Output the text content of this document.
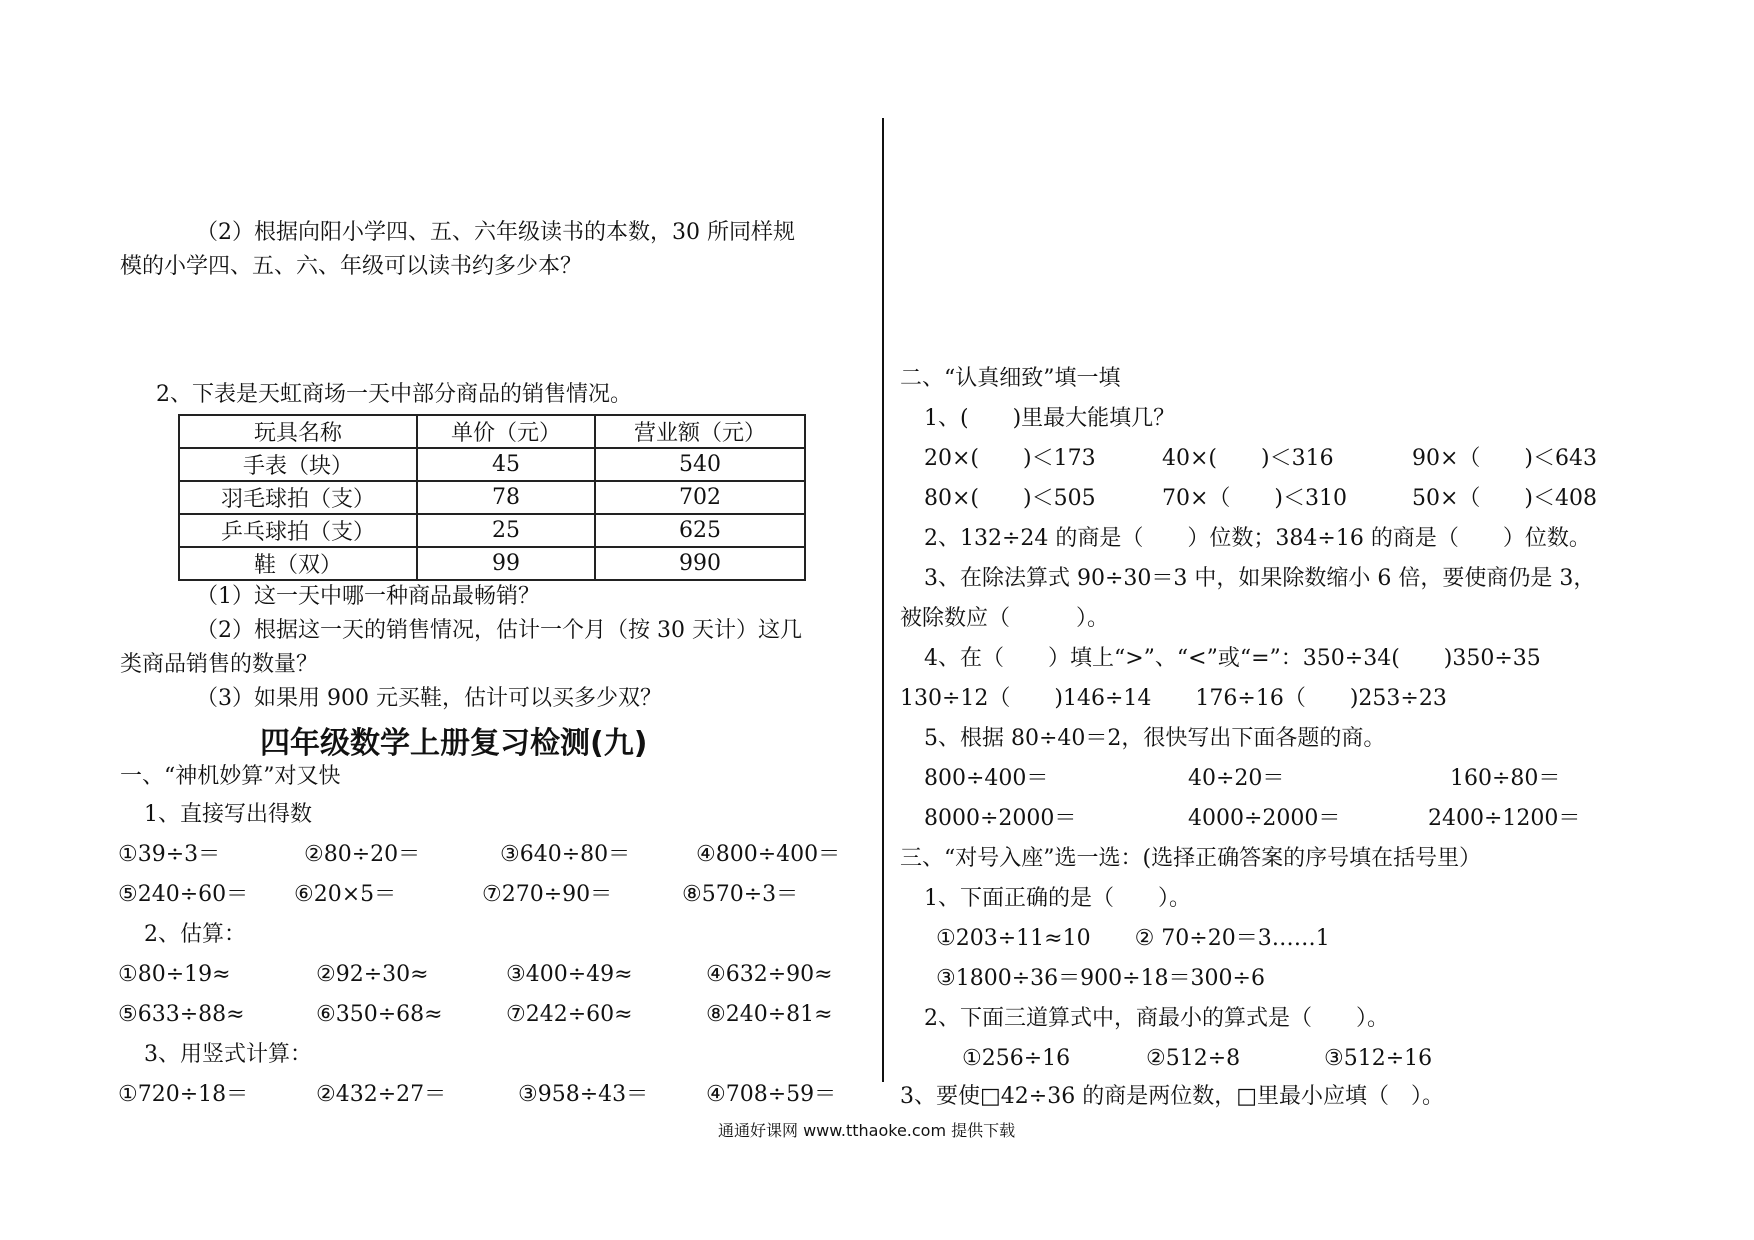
（2）根据向阳小学四、五、六年级读书的本数，30 所同样规
模的小学四、五、六、年级可以读书约多少本？
2、下表是天虹商场一天中部分商品的销售情况。
玩具名称	单价（元）	营业额（元）
手表（块）	45	540
羽毛球拍（支）	78	702
乒乓球拍（支）	25	625
鞋（双）	99	990
（1）这一天中哪一种商品最畅销？
（2）根据这一天的销售情况，估计一个月（按 30 天计）这几
类商品销售的数量？
（3）如果用 900 元买鞋，估计可以买多少双？
四年级数学上册复习检测(九)
一、“神机妙算”对又快
1、直接写出得数
①39÷3＝	②80÷20＝	③640÷80＝	④800÷400＝
⑤240÷60＝ ⑥20×5＝	⑦270÷90＝	⑧570÷3＝
2、估算：
①80÷19≈	②92÷30≈	③400÷49≈	④632÷90≈
⑤633÷88≈	⑥350÷68≈	⑦242÷60≈	⑧240÷81≈
3、用竖式计算：
①720÷18＝	②432÷27＝	③958÷43＝	④708÷59＝
二、“认真细致”填一填
1、(　　)里最大能填几？
20×(　　)＜173	40×(　　)＜316	90×（　　)＜643
80×(　　)＜505	70×（　　)＜310	50×（　　)＜408
2、132÷24 的商是（　　）位数；384÷16 的商是（　　）位数。
3、在除法算式 90÷30＝3 中，如果除数缩小 6 倍，要使商仍是 3，
被除数应（　　　）。
4、在（　　）填上“>”、“<”或“=”：350÷34(　　)350÷35
130÷12（　　)146÷14　　176÷16（　　)253÷23
5、根据 80÷40＝2，很快写出下面各题的商。
800÷400＝	40÷20＝	160÷80＝
8000÷2000＝	4000÷2000＝	2400÷1200＝
三、“对号入座”选一选：(选择正确答案的序号填在括号里）
1、下面正确的是（　　）。
①203÷11≈10　　② 70÷20＝3……1
③1800÷36＝900÷18＝300÷6
2、下面三道算式中，商最小的算式是（　　）。
①256÷16	②512÷8	③512÷16
3、要使□42÷36 的商是两位数，□里最小应填（　）。
通通好课网 www.tthaoke.com 提供下载
